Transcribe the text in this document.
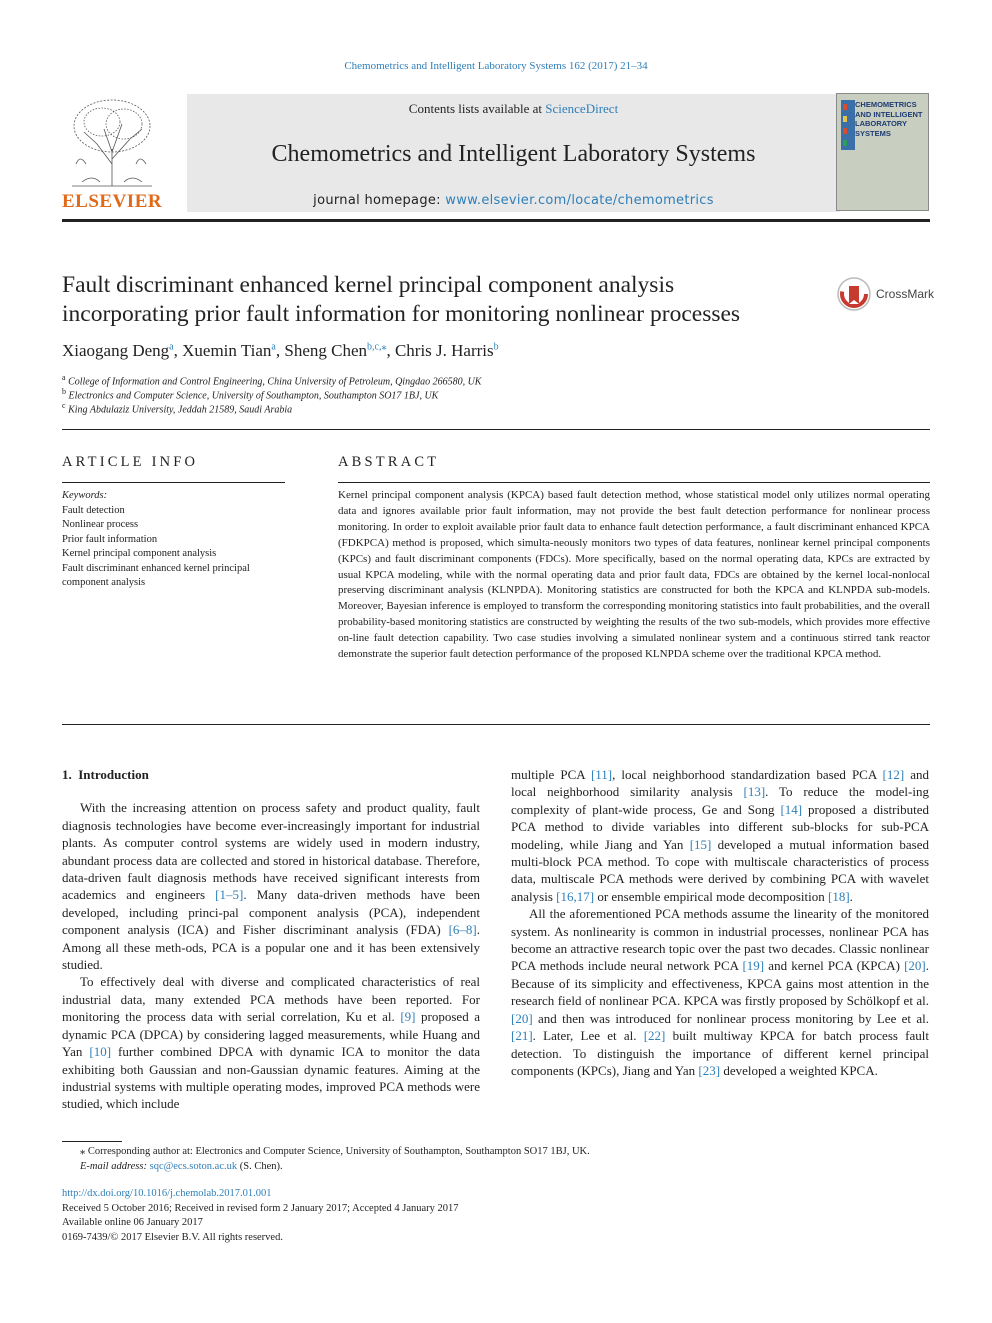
Chemometrics and Intelligent Laboratory Systems 162 (2017) 21–34
ELSEVIER
Contents lists available at ScienceDirect
Chemometrics and Intelligent Laboratory Systems
journal homepage: www.elsevier.com/locate/chemometrics
CHEMOMETRICS
AND INTELLIGENT
LABORATORY
SYSTEMS
Fault discriminant enhanced kernel principal component analysis
incorporating prior fault information for monitoring nonlinear processes
CrossMark
Xiaogang Deng$^a$, Xuemin Tian$^a$, Sheng Chen$^{b,c,⁎}$, Chris J. Harris$^b$
$^a$ College of Information and Control Engineering, China University of Petroleum, Qingdao 266580, UK
$^b$ Electronics and Computer Science, University of Southampton, Southampton SO17 1BJ, UK
$^c$ King Abdulaziz University, Jeddah 21589, Saudi Arabia
ARTICLE INFO	ABSTRACT
Keywords:
Fault detection
Nonlinear process
Prior fault information
Kernel principal component analysis
Fault discriminant enhanced kernel principal
component analysis
Kernel principal component analysis (KPCA) based fault detection method, whose statistical model only utilizes normal operating data and ignores available prior fault information, may not provide the best fault detection performance for nonlinear process monitoring. In order to exploit available prior fault data to enhance fault detection performance, a fault discriminant enhanced KPCA (FDKPCA) method is proposed, which simulta-neously monitors two types of data features, nonlinear kernel principal components (KPCs) and fault discriminant components (FDCs). More specifically, based on the normal operating data, KPCs are extracted by usual KPCA modeling, while with the normal operating data and prior fault data, FDCs are obtained by the kernel local-nonlocal preserving discriminant analysis (KLNPDA). Monitoring statistics are constructed for both the KPCA and KLNPDA sub-models. Moreover, Bayesian inference is employed to transform the corresponding monitoring statistics into fault probabilities, and the overall probability-based monitoring statistics are constructed by weighting the results of the two sub-models, which provides more effective on-line fault detection capability. Two case studies involving a simulated nonlinear system and a continuous stirred tank reactor demonstrate the superior fault detection performance of the proposed KLNPDA scheme over the traditional KPCA method.
1. Introduction

With the increasing attention on process safety and product quality, fault diagnosis technologies have become ever-increasingly important for industrial plants. As computer control systems are widely used in modern industry, abundant process data are collected and stored in historical database. Therefore, data-driven fault diagnosis methods have received significant interests from academics and engineers [1–5]. Many data-driven methods have been developed, including princi-pal component analysis (PCA), independent component analysis (ICA) and Fisher discriminant analysis (FDA) [6–8]. Among all these meth-ods, PCA is a popular one and it has been extensively studied.

To effectively deal with diverse and complicated characteristics of real industrial data, many extended PCA methods have been reported. For monitoring the process data with serial correlation, Ku et al. [9] proposed a dynamic PCA (DPCA) by considering lagged measurements, while Huang and Yan [10] further combined DPCA with dynamic ICA to monitor the data exhibiting both Gaussian and non-Gaussian dynamic features. Aiming at the industrial systems with multiple operating modes, improved PCA methods were studied, which include

multiple PCA [11], local neighborhood standardization based PCA [12] and local neighborhood similarity analysis [13]. To reduce the model-ing complexity of plant-wide process, Ge and Song [14] proposed a distributed PCA method to divide variables into different sub-blocks for sub-PCA modeling, while Jiang and Yan [15] developed a mutual information based multi-block PCA method. To cope with multiscale characteristics of process data, multiscale PCA methods were derived by combining PCA with wavelet analysis [16,17] or ensemble empirical mode decomposition [18].

All the aforementioned PCA methods assume the linearity of the monitored system. As nonlinearity is common in industrial processes, nonlinear PCA has become an attractive research topic over the past two decades. Classic nonlinear PCA methods include neural network PCA [19] and kernel PCA (KPCA) [20]. Because of its simplicity and effectiveness, KPCA gains most attention in the research field of nonlinear PCA. KPCA was firstly proposed by Schölkopf et al. [20] and then was introduced for nonlinear process monitoring by Lee et al. [21]. Later, Lee et al. [22] built multiway KPCA for batch process fault detection. To distinguish the importance of different kernel principal components (KPCs), Jiang and Yan [23] developed a weighted KPCA.

⁎ Corresponding author at: Electronics and Computer Science, University of Southampton, Southampton SO17 1BJ, UK.
E-mail address: sqc@ecs.soton.ac.uk (S. Chen).
http://dx.doi.org/10.1016/j.chemolab.2017.01.001
Received 5 October 2016; Received in revised form 2 January 2017; Accepted 4 January 2017
Available online 06 January 2017
0169-7439/© 2017 Elsevier B.V. All rights reserved.
